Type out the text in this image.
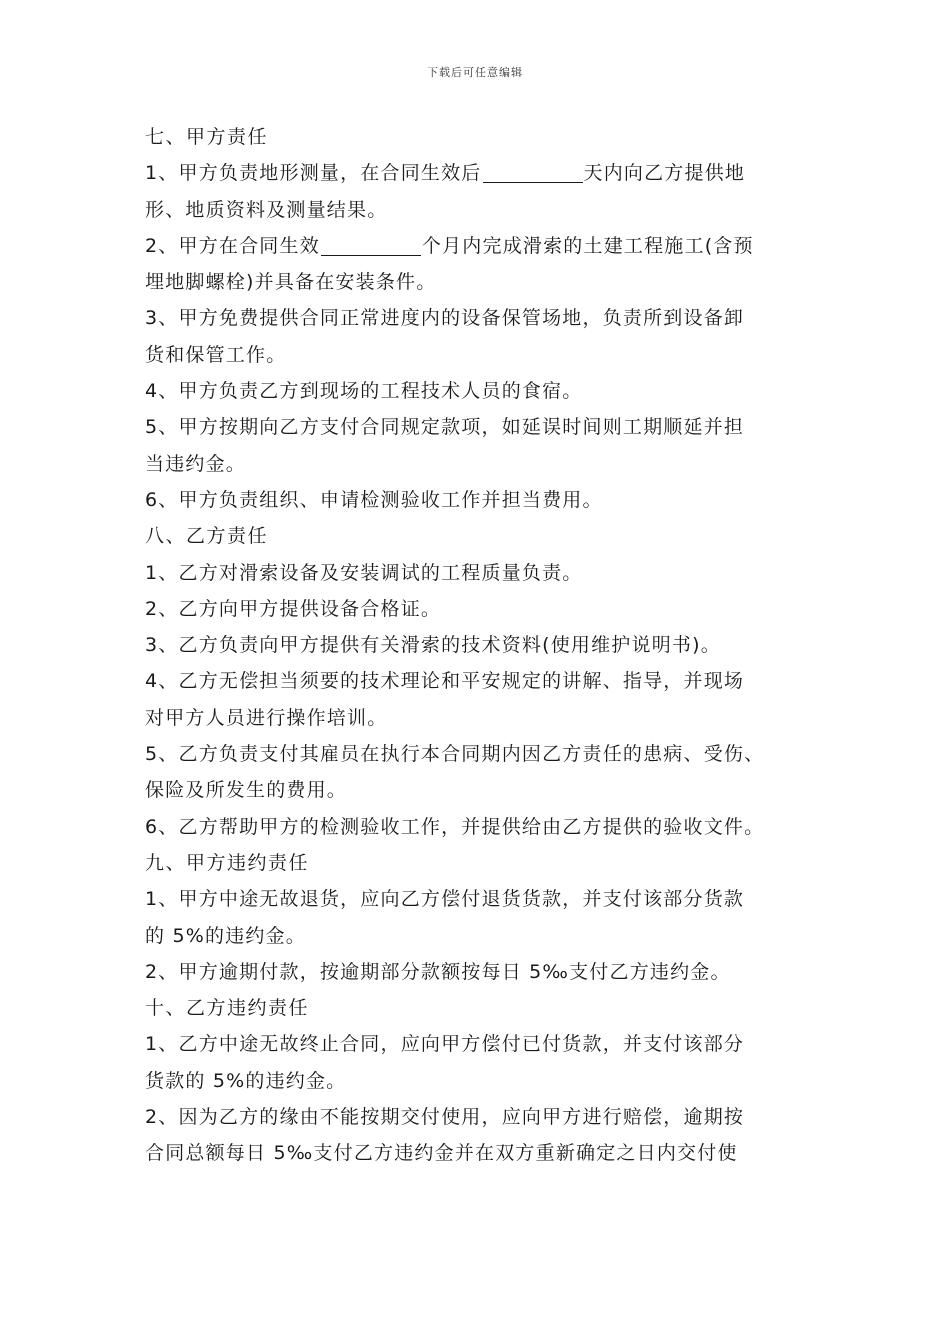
下载后可任意编辑
七、甲方责任
1、甲方负责地形测量，在合同生效后	天内向乙方提供地
形、地质资料及测量结果。
2、甲方在合同生效	个月内完成滑索的土建工程施工(含预
埋地脚螺栓)并具备在安装条件。
3、甲方免费提供合同正常进度内的设备保管场地，负责所到设备卸
货和保管工作。
4、甲方负责乙方到现场的工程技术人员的食宿。
5、甲方按期向乙方支付合同规定款项，如延误时间则工期顺延并担
当违约金。
6、甲方负责组织、申请检测验收工作并担当费用。
八、乙方责任
1、乙方对滑索设备及安装调试的工程质量负责。
2、乙方向甲方提供设备合格证。
3、乙方负责向甲方提供有关滑索的技术资料(使用维护说明书)。
4、乙方无偿担当须要的技术理论和平安规定的讲解、指导，并现场
对甲方人员进行操作培训。
5、乙方负责支付其雇员在执行本合同期内因乙方责任的患病、受伤、
保险及所发生的费用。
6、乙方帮助甲方的检测验收工作，并提供给由乙方提供的验收文件。
九、甲方违约责任
1、甲方中途无故退货，应向乙方偿付退货货款，并支付该部分货款
的 5%的违约金。
2、甲方逾期付款，按逾期部分款额按每日 5‰支付乙方违约金。
十、乙方违约责任
1、乙方中途无故终止合同，应向甲方偿付已付货款，并支付该部分
货款的 5%的违约金。
2、因为乙方的缘由不能按期交付使用，应向甲方进行赔偿，逾期按
合同总额每日 5‰支付乙方违约金并在双方重新确定之日内交付使
